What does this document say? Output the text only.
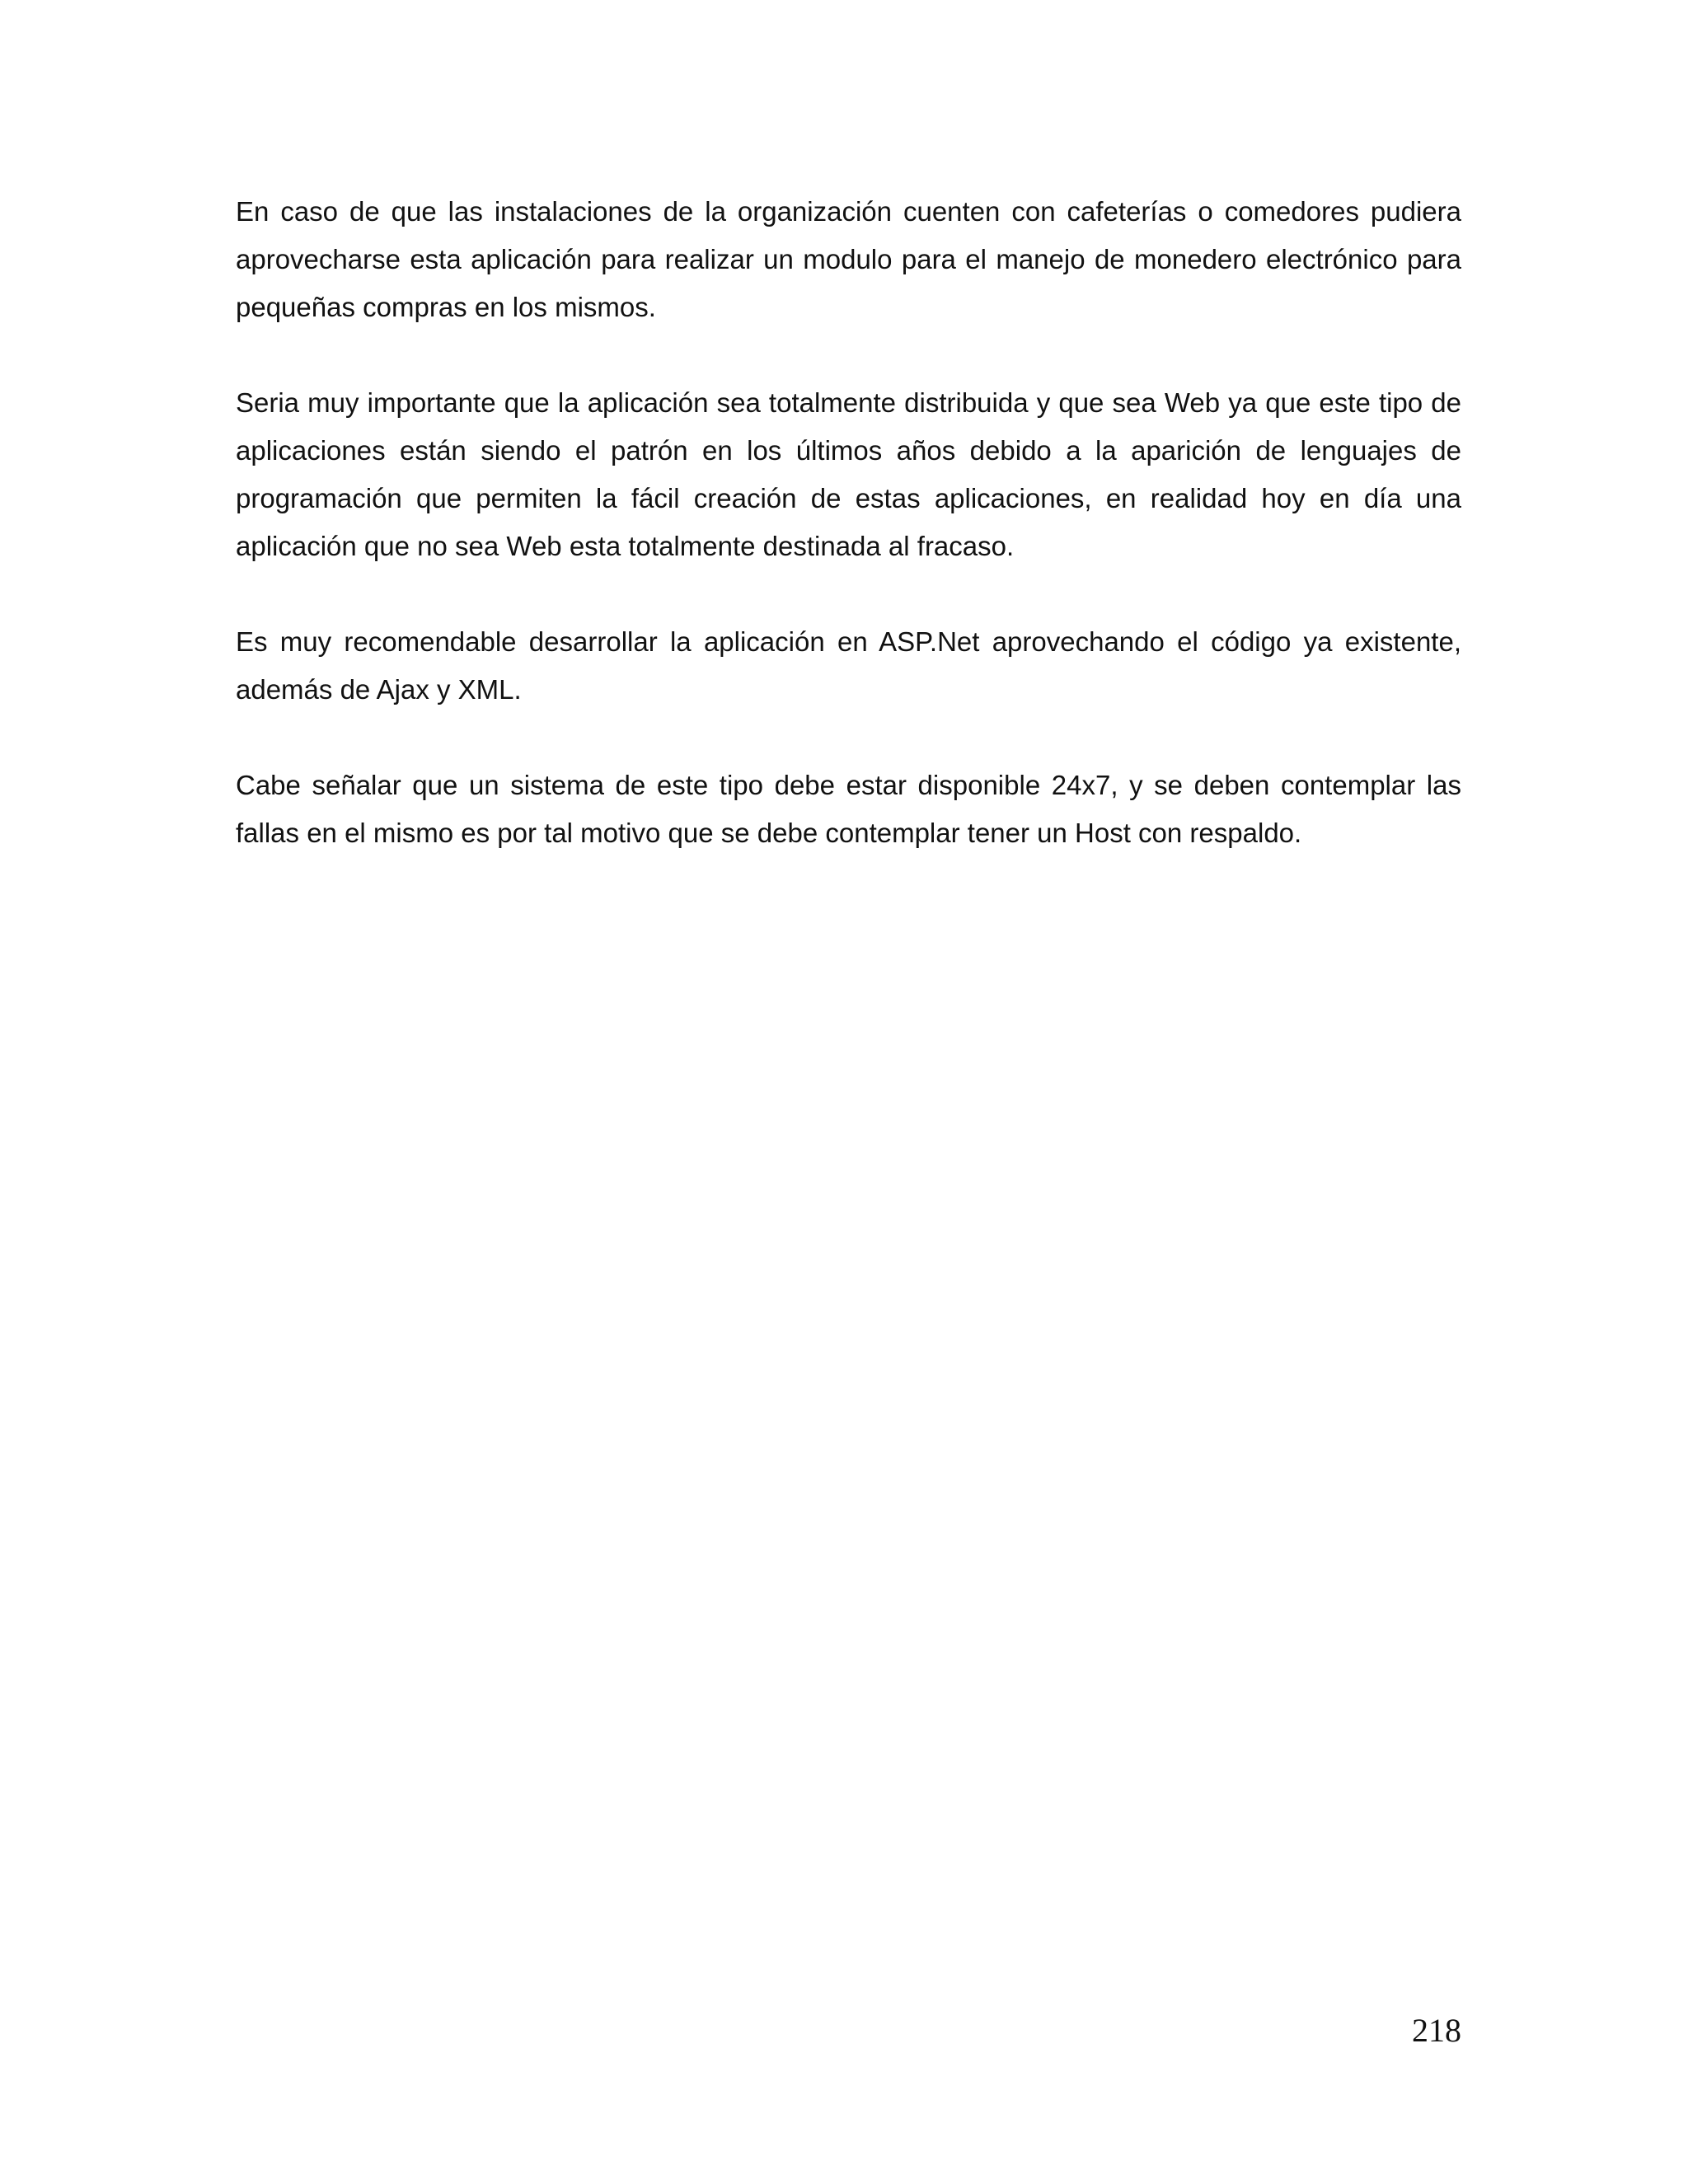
En caso de que las instalaciones de la organización cuenten con cafeterías o comedores pudiera aprovecharse esta aplicación para realizar un modulo para el manejo de monedero electrónico para pequeñas compras en los mismos.

Seria muy importante que la aplicación sea totalmente distribuida y que sea Web ya que este tipo de aplicaciones están siendo el patrón en los últimos años debido a la aparición de lenguajes de programación que permiten la fácil creación de estas aplicaciones, en realidad hoy en día una aplicación que no sea Web esta totalmente destinada al fracaso.

Es muy recomendable desarrollar la aplicación en ASP.Net aprovechando el código ya existente, además de Ajax y XML.

Cabe señalar que un sistema de este tipo debe estar disponible 24x7, y se deben contemplar las fallas en el mismo es por tal motivo que se debe contemplar tener un Host con respaldo.

218
